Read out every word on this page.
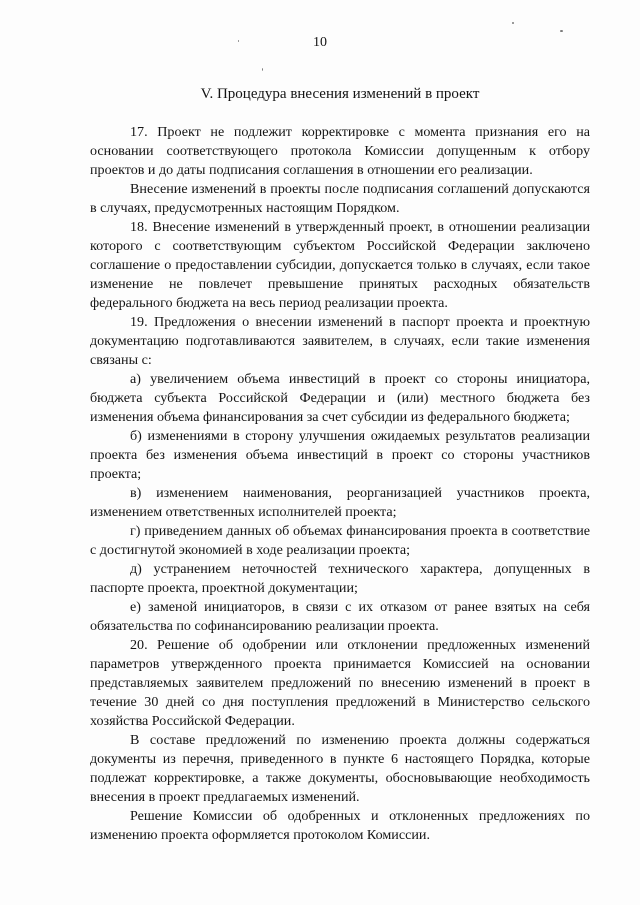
10
V. Процедура внесения изменений в проект

17. Проект не подлежит корректировке с момента признания его на основании соответствующего протокола Комиссии допущенным к отбору проектов и до даты подписания соглашения в отношении его реализации.

Внесение изменений в проекты после подписания соглашений допускаются в случаях, предусмотренных настоящим Порядком.

18. Внесение изменений в утвержденный проект, в отношении реализации которого с соответствующим субъектом Российской Федерации заключено соглашение о предоставлении субсидии, допускается только в случаях, если такое изменение не повлечет превышение принятых расходных обязательств федерального бюджета на весь период реализации проекта.

19. Предложения о внесении изменений в паспорт проекта и проектную документацию подготавливаются заявителем, в случаях, если такие изменения связаны с:

а) увеличением объема инвестиций в проект со стороны инициатора, бюджета субъекта Российской Федерации и (или) местного бюджета без изменения объема финансирования за счет субсидии из федерального бюджета;

б) изменениями в сторону улучшения ожидаемых результатов реализации проекта без изменения объема инвестиций в проект со стороны участников проекта;

в) изменением наименования, реорганизацией участников проекта, изменением ответственных исполнителей проекта;

г) приведением данных об объемах финансирования проекта в соответствие с достигнутой экономией в ходе реализации проекта;

д) устранением неточностей технического характера, допущенных в паспорте проекта, проектной документации;

е) заменой инициаторов, в связи с их отказом от ранее взятых на себя обязательства по софинансированию реализации проекта.

20. Решение об одобрении или отклонении предложенных изменений параметров утвержденного проекта принимается Комиссией на основании представляемых заявителем предложений по внесению изменений в проект в течение 30 дней со дня поступления предложений в Министерство сельского хозяйства Российской Федерации.

В составе предложений по изменению проекта должны содержаться документы из перечня, приведенного в пункте 6 настоящего Порядка, которые подлежат корректировке, а также документы, обосновывающие необходимость внесения в проект предлагаемых изменений.

Решение Комиссии об одобренных и отклоненных предложениях по изменению проекта оформляется протоколом Комиссии.
